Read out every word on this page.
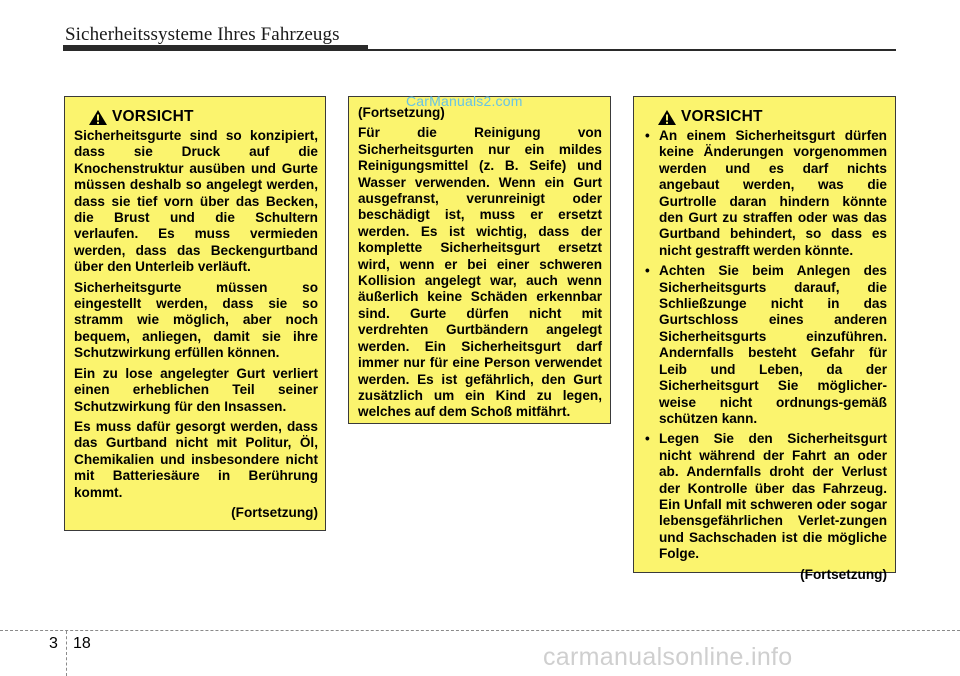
Sicherheitssysteme Ihres Fahrzeugs
VORSICHT

Sicherheitsgurte sind so konzipiert, dass sie Druck auf die Knochenstruktur ausüben und Gurte müssen deshalb so angelegt werden, dass sie tief vorn über das Becken, die Brust und die Schultern verlaufen. Es muss vermieden werden, dass das Beckengurtband über den Unterleib verläuft.

Sicherheitsgurte müssen so eingestellt werden, dass sie so stramm wie möglich, aber noch bequem, anliegen, damit sie ihre Schutzwirkung erfüllen können.

Ein zu lose angelegter Gurt verliert einen erheblichen Teil seiner Schutzwirkung für den Insassen.

Es muss dafür gesorgt werden, dass das Gurtband nicht mit Politur, Öl, Chemikalien und insbesondere nicht mit Batteriesäure in Berührung kommt.

(Fortsetzung)

(Fortsetzung)

Für die Reinigung von Sicherheitsgurten nur ein mildes Reinigungsmittel (z. B. Seife) und Wasser verwenden. Wenn ein Gurt ausgefranst, verunreinigt oder beschädigt ist, muss er ersetzt werden. Es ist wichtig, dass der komplette Sicherheitsgurt ersetzt wird, wenn er bei einer schweren Kollision angelegt war, auch wenn äußerlich keine Schäden erkennbar sind. Gurte dürfen nicht mit verdrehten Gurtbändern angelegt werden. Ein Sicherheitsgurt darf immer nur für eine Person verwendet werden. Es ist gefährlich, den Gurt zusätzlich um ein Kind zu legen, welches auf dem Schoß mitfährt.

VORSICHT
• An einem Sicherheitsgurt dürfen keine Änderungen vorgenommen werden und es darf nichts angebaut werden, was die Gurtrolle daran hindern könnte den Gurt zu straffen oder was das Gurtband behindert, so dass es nicht gestrafft werden könnte.
• Achten Sie beim Anlegen des Sicherheitsgurts darauf, die Schließzunge nicht in das Gurtschloss eines anderen Sicherheitsgurts einzuführen. Andernfalls besteht Gefahr für Leib und Leben, da der Sicherheitsgurt Sie möglicher-weise nicht ordnungs-gemäß schützen kann.
• Legen Sie den Sicherheitsgurt nicht während der Fahrt an oder ab. Andernfalls droht der Verlust der Kontrolle über das Fahrzeug. Ein Unfall mit schweren oder sogar lebensgefährlichen Verlet-zungen und Sachschaden ist die mögliche Folge.

(Fortsetzung)

CarManuals2.com
3 18	carmanualsonline.info
